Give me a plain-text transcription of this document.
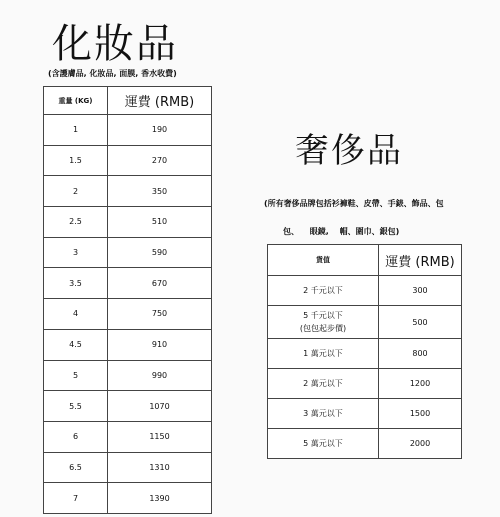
化妝品
(含護膚品, 化妝品, 面膜, 香水收費)
重量 (KG)	運費 (RMB)
1	190
1.5	270
2	350
2.5	510
3	590
3.5	670
4	750
4.5	910
5	990
5.5	1070
6	1150
6.5	1310
7	1390
奢侈品
(所有奢侈品牌包括衫褲鞋、皮帶、手錶、飾品、包
包、 眼鏡, 帽、圍巾、銀包)
貨值	運費 (RMB)

2 千元以下	300

5 千元以下
(包包起步價)	500

1 萬元以下	800

2 萬元以下	1200

3 萬元以下	1500

5 萬元以下	2000
